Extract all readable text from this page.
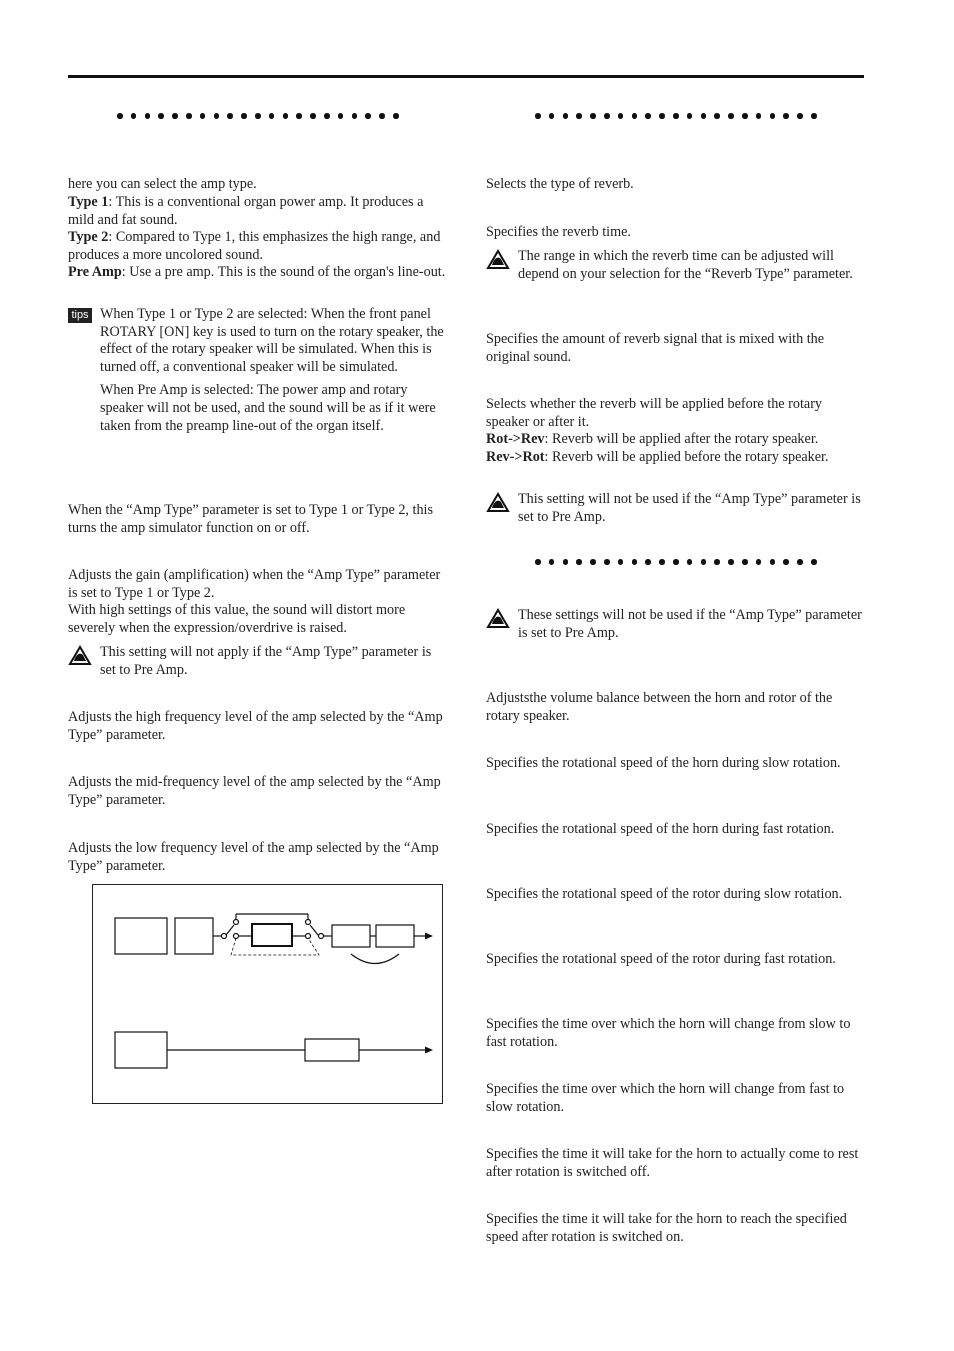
here you can select the amp type.

Type 1: This is a conventional organ power amp. It produces a mild and fat sound.

Type 2: Compared to Type 1, this emphasizes the high range, and produces a more uncolored sound.

Pre Amp: Use a pre amp. This is the sound of the organ's line-out.

tips When Type 1 or Type 2 are selected: When the front panel ROTARY [ON] key is used to turn on the rotary speaker, the effect of the rotary speaker will be simulated. When this is turned off, a conventional speaker will be simulated.

When Pre Amp is selected: The power amp and rotary speaker will not be used, and the sound will be as if it were taken from the preamp line-out of the organ itself.

When the “Amp Type” parameter is set to Type 1 or Type 2, this turns the amp simulator function on or off.

Adjusts the gain (amplification) when the “Amp Type” parameter is set to Type 1 or Type 2.
With high settings of this value, the sound will distort more severely when the expression/overdrive is raised.

This setting will not apply if the “Amp Type” parameter is set to Pre Amp.

Adjusts the high frequency level of the amp selected by the “Amp Type” parameter.

Adjusts the mid-frequency level of the amp selected by the “Amp Type” parameter.

Adjusts the low frequency level of the amp selected by the “Amp Type” parameter.

Selects the type of reverb.

Specifies the reverb time.

The range in which the reverb time can be adjusted will depend on your selection for the “Reverb Type” parameter.

Specifies the amount of reverb signal that is mixed with the original sound.

Selects whether the reverb will be applied before the rotary speaker or after it.

Rot->Rev: Reverb will be applied after the rotary speaker.

Rev->Rot: Reverb will be applied before the rotary speaker.

This setting will not be used if the “Amp Type” parameter is set to Pre Amp.

These settings will not be used if the “Amp Type” parameter is set to Pre Amp.

Adjuststhe volume balance between the horn and rotor of the rotary speaker.

Specifies the rotational speed of the horn during slow rotation.

Specifies the rotational speed of the horn during fast rotation.

Specifies the rotational speed of the rotor during slow rotation.

Specifies the rotational speed of the rotor during fast rotation.

Specifies the time over which the horn will change from slow to fast rotation.

Specifies the time over which the horn will change from fast to slow rotation.

Specifies the time it will take for the horn to actually come to rest after rotation is switched off.

Specifies the time it will take for the horn to reach the specified speed after rotation is switched on.
